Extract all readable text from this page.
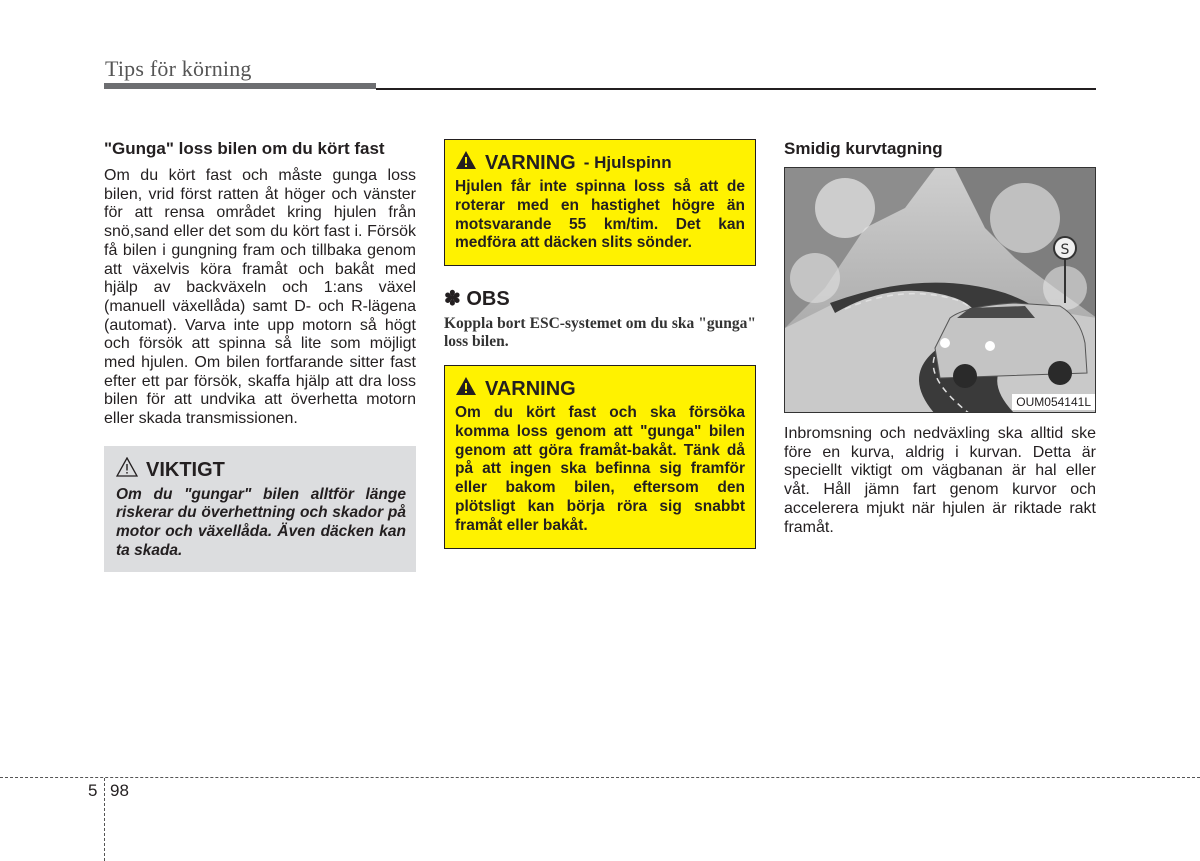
Tips för körning
"Gunga" loss bilen om du kört fast

Om du kört fast och måste gunga loss bilen, vrid först ratten åt höger och vänster för att rensa området kring hjulen från snö,sand eller det som du kört fast i. Försök få bilen i gungning fram och tillbaka genom att växelvis köra framåt och bakåt med hjälp av backväxeln och 1:ans växel (manuell växellåda) samt D- och R-lägena (automat). Varva inte upp motorn så högt och försök att spinna så lite som möjligt med hjulen. Om bilen fortfarande sitter fast efter ett par försök, skaffa hjälp att dra loss bilen för att undvika att överhetta motorn eller skada transmissionen.

VIKTIGT
Om du "gungar" bilen alltför länge riskerar du överhettning och skador på motor och växellåda. Även däcken kan ta skada.
VARNING - Hjulspinn
Hjulen får inte spinna loss så att de roterar med en hastighet högre än motsvarande 55 km/tim. Det kan medföra att däcken slits sönder.
✽ OBS
Koppla bort ESC-systemet om du ska "gunga" loss bilen.
VARNING
Om du kört fast och ska försöka komma loss genom att "gunga" bilen genom att göra framåt-bakåt. Tänk då på att ingen ska befinna sig framför eller bakom bilen, eftersom den plötsligt kan börja röra sig snabbt framåt eller bakåt.
Smidig kurvtagning
S
OUM054141L

Inbromsning och nedväxling ska alltid ske före en kurva, aldrig i kurvan. Detta är speciellt viktigt om vägbanan är hal eller våt. Håll jämn fart genom kurvor och accelerera mjukt när hjulen är riktade rakt framåt.

5 98
